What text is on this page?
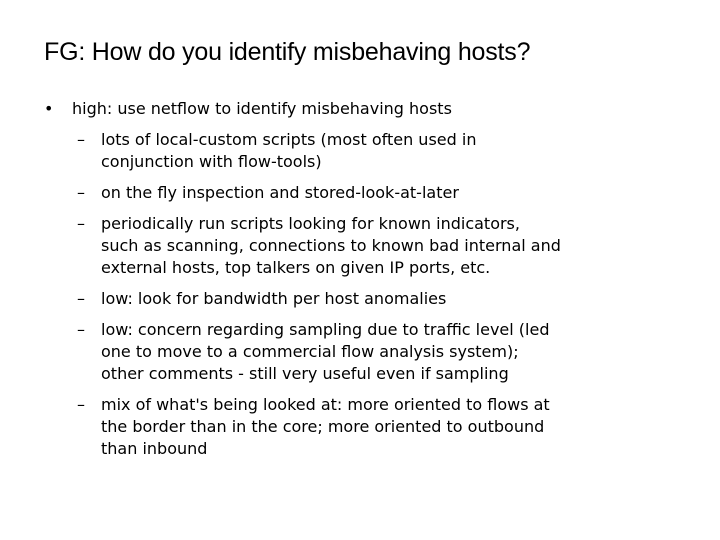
FG: How do you identify misbehaving hosts?
• high: use netflow to identify misbehaving hosts
– lots of local-custom scripts (most often used in
conjunction with flow-tools)
– on the fly inspection and stored-look-at-later
– periodically run scripts looking for known indicators,
such as scanning, connections to known bad internal and
external hosts, top talkers on given IP ports, etc.
– low: look for bandwidth per host anomalies
– low: concern regarding sampling due to traffic level (led
one to move to a commercial flow analysis system);
other comments - still very useful even if sampling
– mix of what's being looked at: more oriented to flows at
the border than in the core; more oriented to outbound
than inbound
